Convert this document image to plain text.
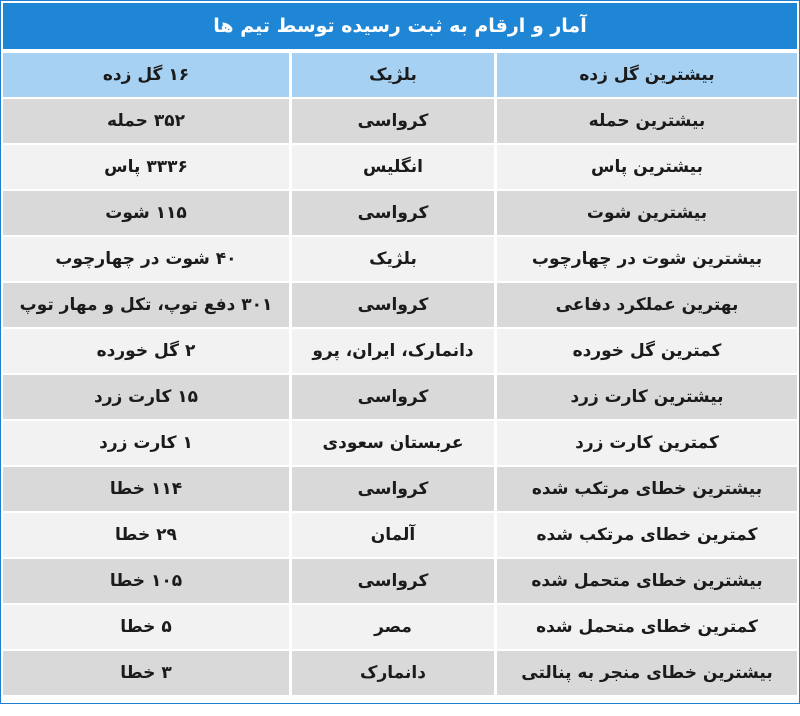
آمار و ارقام به ثبت رسیده توسط تیم ها
بیشترین گل زده	بلژیک	۱۶ گل زده
بیشترین حمله	کرواسی	۳۵۲ حمله
بیشترین پاس	انگلیس	۳۳۳۶ پاس
بیشترین شوت	کرواسی	۱۱۵ شوت
بیشترین شوت در چهارچوب	بلژیک	۴۰ شوت در چهارچوب
بهترین عملکرد دفاعی	کرواسی	۳۰۱ دفع توپ، تکل و مهار توپ
کمترین گل خورده	دانمارک، ایران، پرو	۲ گل خورده
بیشترین کارت زرد	کرواسی	۱۵ کارت زرد
کمترین کارت زرد	عربستان سعودی	۱ کارت زرد
بیشترین خطای مرتکب شده	کرواسی	۱۱۴ خطا
کمترین خطای مرتکب شده	آلمان	۲۹ خطا
بیشترین خطای متحمل شده	کرواسی	۱۰۵ خطا
کمترین خطای متحمل شده	مصر	۵ خطا
بیشترین خطای منجر به پنالتی	دانمارک	۳ خطا
